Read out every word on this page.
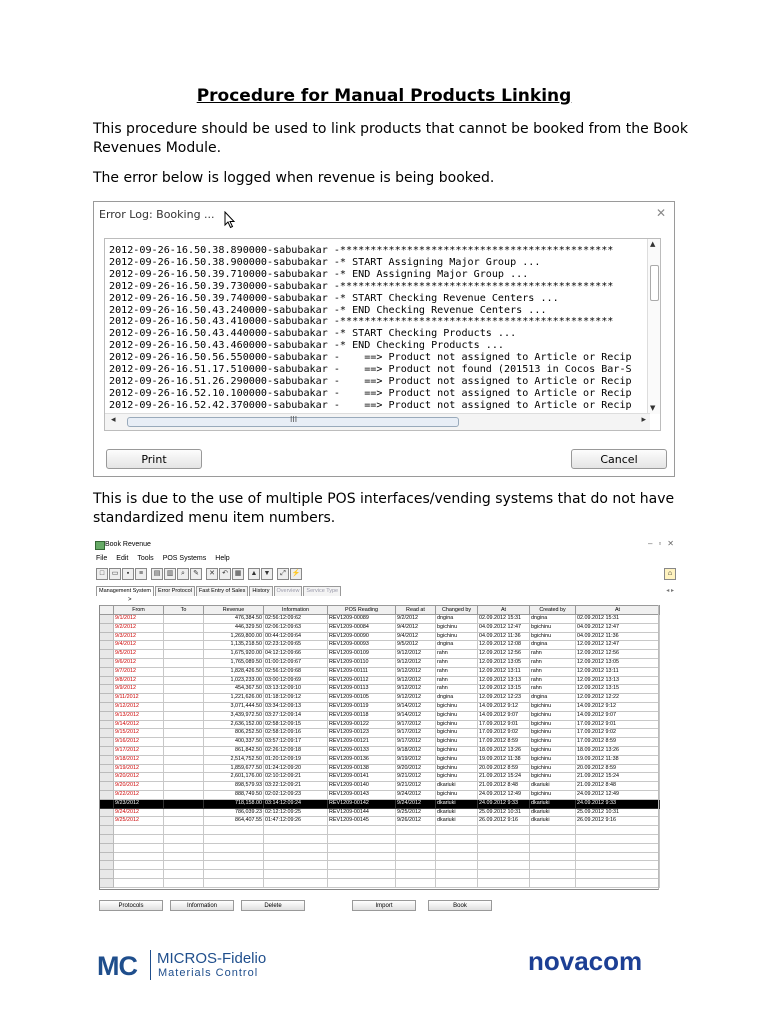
Procedure for Manual Products Linking
This procedure should be used to link products that cannot be booked from the Book Revenues Module.
The error below is logged when revenue is being booked.
Error Log: Booking ...	✕
2012-09-26-16.50.38.890000-sabubakar -*********************************************
2012-09-26-16.50.38.900000-sabubakar -* START Assigning Major Group ...
2012-09-26-16.50.39.710000-sabubakar -* END Assigning Major Group ...
2012-09-26-16.50.39.730000-sabubakar -*********************************************
2012-09-26-16.50.39.740000-sabubakar -* START Checking Revenue Centers ...
2012-09-26-16.50.43.240000-sabubakar -* END Checking Revenue Centers ...
2012-09-26-16.50.43.410000-sabubakar -*********************************************
2012-09-26-16.50.43.440000-sabubakar -* START Checking Products ...
2012-09-26-16.50.43.460000-sabubakar -* END Checking Products ...
2012-09-26-16.50.56.550000-sabubakar -    ==> Product not assigned to Article or Recip
2012-09-26-16.51.17.510000-sabubakar -    ==> Product not found (201513 in Cocos Bar-S
2012-09-26-16.51.26.290000-sabubakar -    ==> Product not assigned to Article or Recip
2012-09-26-16.52.10.100000-sabubakar -    ==> Product not assigned to Article or Recip
2012-09-26-16.52.42.370000-sabubakar -    ==> Product not assigned to Article or Recip
▲
▼
◂	III	▸
Print	Cancel
This is due to the use of multiple POS interfaces/vending systems that do not have standardized menu item numbers.
Book Revenue	–▫✕
File Edit Tools POS Systems Help
□ ▭ ▪ ≡ ▤ ▥ ⌕ ✎ ✕ ↶ ▦ ▲ ▼ ⤢ ⚡	⌂
Management System Error Protocol Fast Entry of Sales History Overview Service Type	◂ ▸
>
	From	To	Revenue	Information	POS Reading	Read at	Changed by	At	Created by	At
	9/1/2012		476,384.50	02:56:12:09:62	REV1209-00089	9/2/2012	dngina	02.09.2012 15:31	dngina	02.09.2012 15:31
	9/2/2012		446,329.50	02:06:12:09:63	REV1209-00084	9/4/2012	bgichinu	04.09.2012 12:47	bgichinu	04.09.2012 12:47
	9/3/2012		1,269,800.00	00:44:12:09:64	REV1209-00090	9/4/2012	bgichinu	04.09.2012 11:36	bgichinu	04.09.2012 11:36
	9/4/2012		1,135,218.50	02:23:12:09:65	REV1209-00093	9/5/2012	dngina	12.09.2012 12:08	dngina	12.09.2012 12:47
	9/5/2012		1,675,920.00	04:12:12:09:66	REV1209-00109	9/12/2012	rahn	12.09.2012 12:56	rahn	12.09.2012 12:56
	9/6/2012		1,765,089.50	01:00:12:09:67	REV1209-00110	9/12/2012	rahn	12.09.2012 13:05	rahn	12.09.2012 13:05
	9/7/2012		1,828,426.50	02:56:12:09:68	REV1209-00111	9/12/2012	rahn	12.09.2012 13:11	rahn	12.09.2012 13:11
	9/8/2012		1,023,233.00	03:00:12:09:69	REV1209-00112	9/12/2012	rahn	12.09.2012 13:13	rahn	12.09.2012 13:13
	9/9/2012		454,367.50	03:13:12:09:10	REV1209-00113	9/12/2012	rahn	12.09.2012 13:15	rahn	12.09.2012 13:15
	9/11/2012		1,221,626.00	01:18:12:09:12	REV1209-00105	9/12/2012	dngina	12.09.2012 12:23	dngina	12.09.2012 12:22
	9/12/2012		3,071,444.50	03:34:12:09:13	REV1209-00119	9/14/2012	bgichinu	14.09.2012 9:12	bgichinu	14.09.2012 9:12
	9/13/2012		3,439,972.50	03:27:12:09:14	REV1209-00118	9/14/2012	bgichinu	14.09.2012 9:07	bgichinu	14.09.2012 9:07
	9/14/2012		2,636,152.00	02:58:12:09:15	REV1209-00122	9/17/2012	bgichinu	17.09.2012 9:01	bgichinu	17.09.2012 9:01
	9/15/2012		806,252.50	02:58:12:09:16	REV1209-00123	9/17/2012	bgichinu	17.09.2012 9:02	bgichinu	17.09.2012 9:02
	9/16/2012		400,337.50	03:57:12:09:17	REV1209-00121	9/17/2012	bgichinu	17.09.2012 8:59	bgichinu	17.09.2012 8:59
	9/17/2012		861,842.50	02:26:12:09:18	REV1209-00133	9/18/2012	bgichinu	18.09.2012 13:26	bgichinu	18.09.2012 13:26
	9/18/2012		2,514,752.50	01:20:12:09:19	REV1209-00136	9/19/2012	bgichinu	19.09.2012 11:38	bgichinu	19.09.2012 11:38
	9/19/2012		1,859,677.50	01:24:12:09:20	REV1209-00138	9/20/2012	bgichinu	20.09.2012 8:59	bgichinu	20.09.2012 8:59
	9/20/2012		2,601,176.00	02:10:12:09:21	REV1209-00141	9/21/2012	bgichinu	21.09.2012 15:24	bgichinu	21.09.2012 15:24
	9/20/2012		898,579.93	03:22:12:09:21	REV1209-00140	9/21/2012	dkariuki	21.09.2012 8:48	dkariuki	21.09.2012 8:48
	9/22/2012		888,749.50	02:02:12:09:23	REV1209-00143	9/24/2012	bgichinu	24.09.2012 12:49	bgichinu	24.09.2012 12:49
	9/23/2012		718,158.00	03:14:12:09:24	REV1209-00142	9/24/2012	dkariuki	24.09.2012 9:33	dkariuki	24.09.2012 9:33
	9/24/2012		786,039.23	02:12:12:09:25	REV1209-00144	9/25/2012	dkariuki	25.09.2012 10:31	dkariuki	25.09.2012 10:31
	9/25/2012		864,407.55	01:47:12:09:26	REV1209-00145	9/26/2012	dkariuki	26.09.2012 9:16	dkariuki	26.09.2012 9:16

Protocols	Information	Delete	Import	Book
MC MICROS-Fidelio
Materials Control	novacom
